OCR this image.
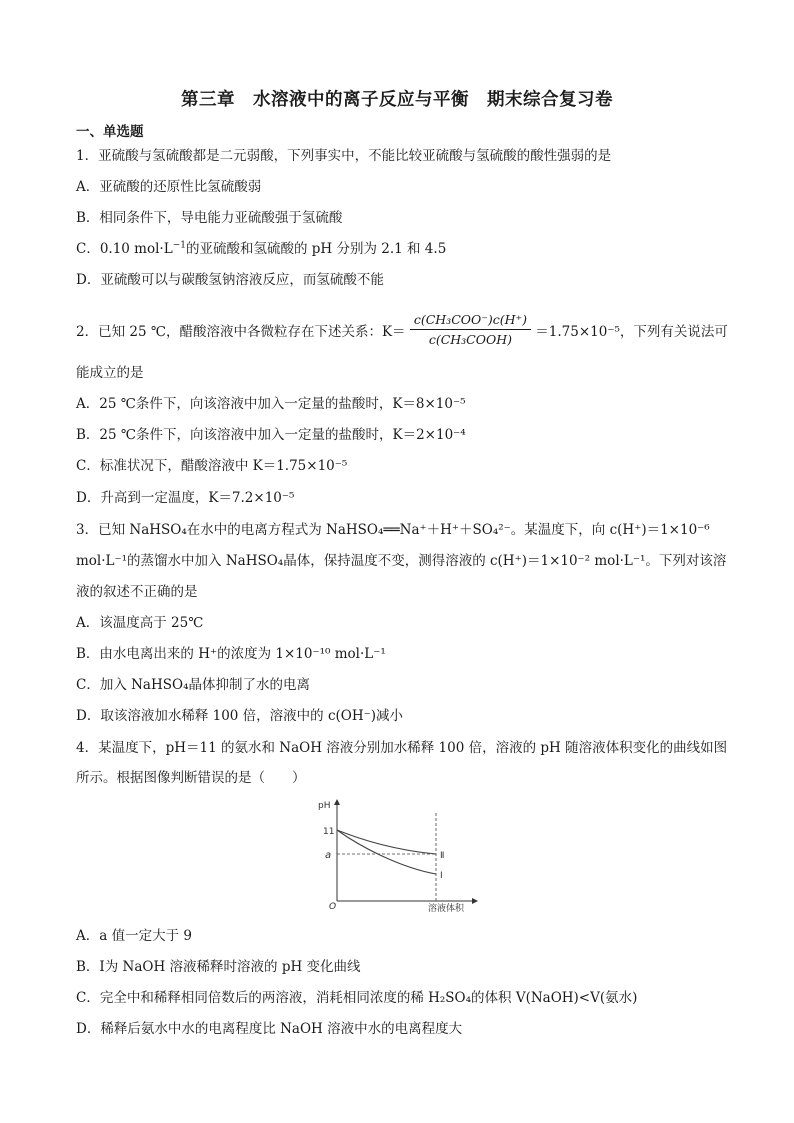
第三章　水溶液中的离子反应与平衡　期末综合复习卷
一、单选题
1．亚硫酸与氢硫酸都是二元弱酸，下列事实中，不能比较亚硫酸与氢硫酸的酸性强弱的是
A．亚硫酸的还原性比氢硫酸弱
B．相同条件下，导电能力亚硫酸强于氢硫酸
C．0.10 $mol\cdot L^{-1}$的亚硫酸和氢硫酸的 pH 分别为 2.1 和 4.5
D．亚硫酸可以与碳酸氢钠溶液反应，而氢硫酸不能
2．已知 25 ℃，醋酸溶液中各微粒存在下述关系：$K= \frac{\text{c(CH₃COO⁻)c(H⁺)}}{\text{c(CH₃COOH)}} =1.75\times 10^{-5}$，下列有关说法可
能成立的是
A．25 ℃条件下，向该溶液中加入一定量的盐酸时，K＝8×10⁻⁵
B．25 ℃条件下，向该溶液中加入一定量的盐酸时，K＝2×10⁻⁴
C．标准状况下，醋酸溶液中 K＝1.75×10⁻⁵
D．升高到一定温度，K＝7.2×10⁻⁵
3．已知 NaHSO₄在水中的电离方程式为 NaHSO₄══Na⁺＋H⁺＋SO₄²⁻。某温度下，向 c(H⁺)＝1×10⁻⁶
mol·L⁻¹的蒸馏水中加入 NaHSO₄晶体，保持温度不变，测得溶液的 c(H⁺)＝1×10⁻² mol·L⁻¹。下列对该溶
液的叙述不正确的是
A．该温度高于 25℃
B．由水电离出来的 H⁺的浓度为 1×10⁻¹⁰ mol·L⁻¹
C．加入 NaHSO₄晶体抑制了水的电离
D．取该溶液加水稀释 100 倍，溶液中的 c(OH⁻)减小
4．某温度下，pH＝11 的氨水和 NaOH 溶液分别加水稀释 100 倍，溶液的 pH 随溶液体积变化的曲线如图
所示。根据图像判断错误的是（　　）
pH
11
a
O	溶液体积
Ⅱ
Ⅰ
A．a 值一定大于 9
B．Ⅰ为 NaOH 溶液稀释时溶液的 pH 变化曲线
C．完全中和稀释相同倍数后的两溶液，消耗相同浓度的稀 H₂SO₄的体积 V(NaOH)<V(氨水)
D．稀释后氨水中水的电离程度比 NaOH 溶液中水的电离程度大
